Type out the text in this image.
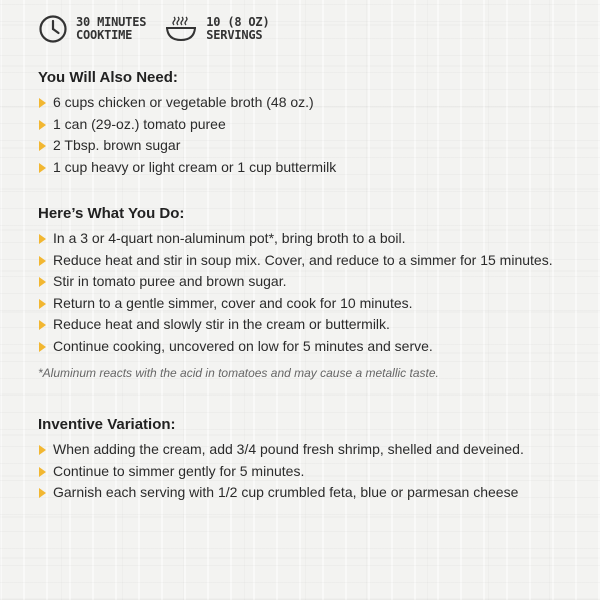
30 MINUTES
COOKTIME
10 (8 OZ)
SERVINGS
You Will Also Need:
6 cups chicken or vegetable broth (48 oz.)
1 can (29-oz.) tomato puree
2 Tbsp. brown sugar
1 cup heavy or light cream or 1 cup buttermilk
Here’s What You Do:
In a 3 or 4-quart non-aluminum pot*, bring broth to a boil.
Reduce heat and stir in soup mix. Cover, and reduce to a simmer for 15 minutes.
Stir in tomato puree and brown sugar.
Return to a gentle simmer, cover and cook for 10 minutes.
Reduce heat and slowly stir in the cream or buttermilk.
Continue cooking, uncovered on low for 5 minutes and serve.
*Aluminum reacts with the acid in tomatoes and may cause a metallic taste.
Inventive Variation:
When adding the cream, add 3/4 pound fresh shrimp, shelled and deveined.
Continue to simmer gently for 5 minutes.
Garnish each serving with 1/2 cup crumbled feta, blue or parmesan cheese
